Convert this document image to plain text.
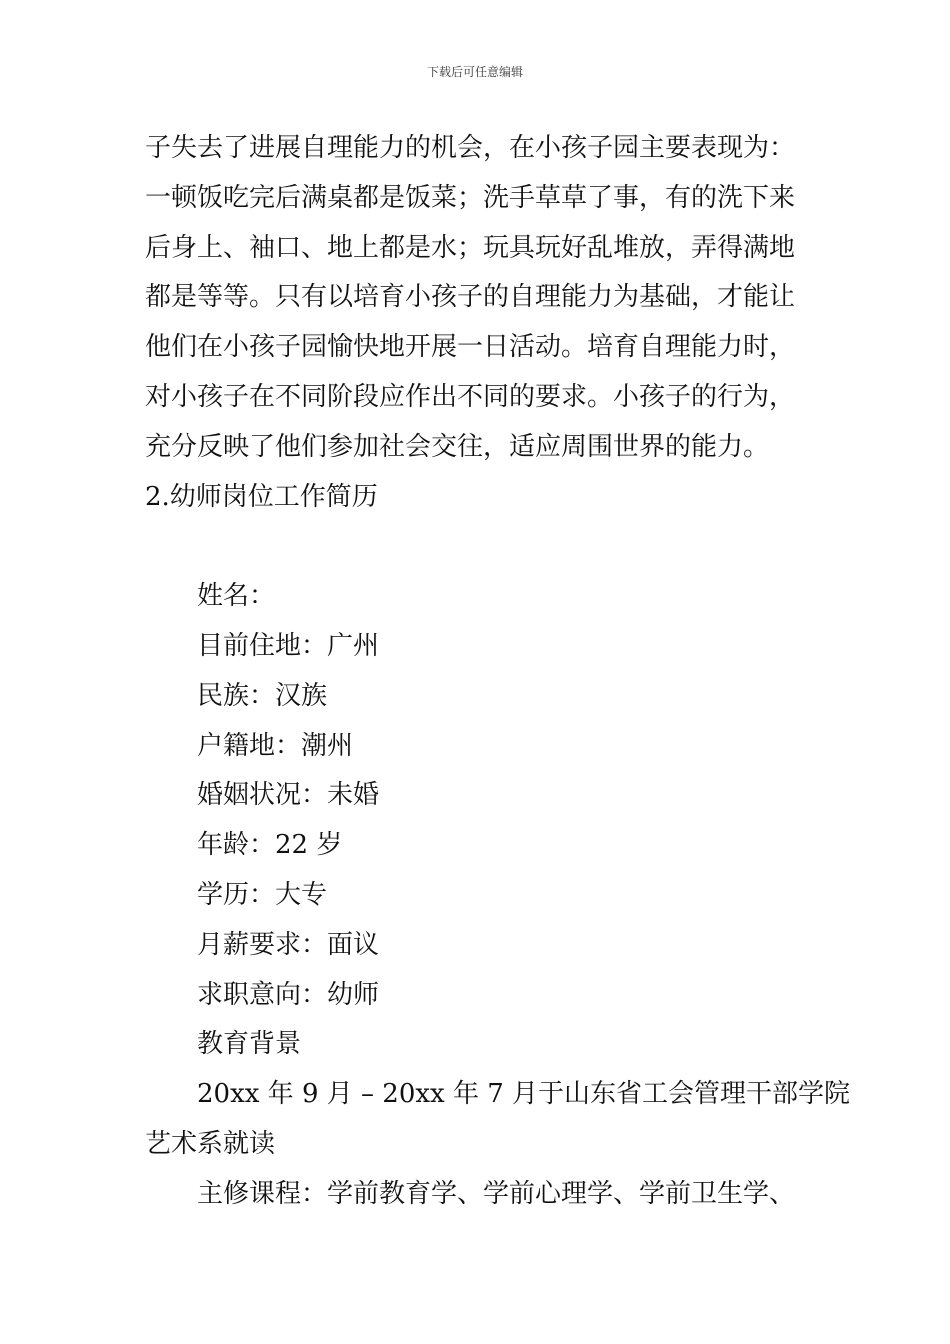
下载后可任意编辑
子失去了进展自理能力的机会，在小孩子园主要表现为：
一顿饭吃完后满桌都是饭菜；洗手草草了事，有的洗下来
后身上、袖口、地上都是水；玩具玩好乱堆放，弄得满地
都是等等。只有以培育小孩子的自理能力为基础，才能让
他们在小孩子园愉快地开展一日活动。培育自理能力时，
对小孩子在不同阶段应作出不同的要求。小孩子的行为，
充分反映了他们参加社会交往，适应周围世界的能力。
2.幼师岗位工作简历
姓名：
目前住地：广州
民族：汉族
户籍地：潮州
婚姻状况：未婚
年龄：22 岁
学历：大专
月薪要求：面议
求职意向：幼师
教育背景
20xx 年 9 月 – 20xx 年 7 月于山东省工会管理干部学院
艺术系就读
主修课程：学前教育学、学前心理学、学前卫生学、
